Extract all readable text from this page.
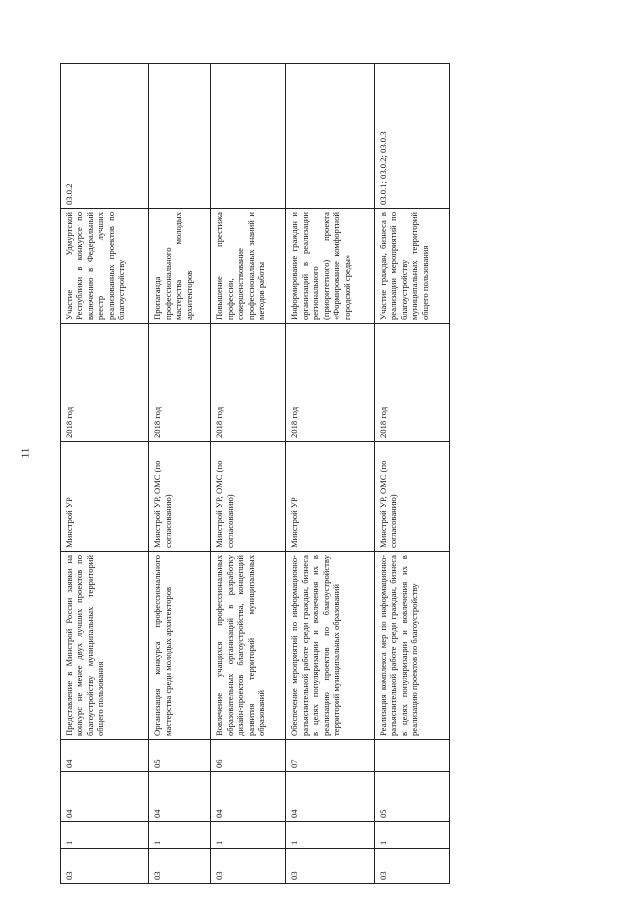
11
03	1	04	04	Представление в Минстрой России заявки на конкурс не менее двух лучших проектов по благоустройству муниципальных территорий общего пользования	Минстрой УР	2018 год	Участие Удмуртской Республики в конкурсе по включению в Федеральный реестр лучших реализованных проектов по благоустройству	03.0.2
03	1	04	05	Организация конкурса профессионального мастерства среди молодых архитекторов	Минстрой УР, ОМС (по согласованию)	2018 год	Пропаганда профессионального мастерства молодых архитекторов	
03	1	04	06	Вовлечение учащихся профессиональных образовательных организаций в разработку дизайн-проектов благоустройства, концепций развития территорий муниципальных образований	Минстрой УР, ОМС (по согласованию)	2018 год	Повышение престижа профессии, совершенствование профессиональных знаний и методов работы	
03	1	04	07	Обеспечение мероприятий по информационно-разъяснительной работе среди граждан, бизнеса в целях популяризации и вовлечения их в реализацию проектов по благоустройству территорий муниципальных образований	Минстрой УР	2018 год	Информирование граждан и организаций в реализации регионального (приоритетного) проекта «Формирование комфортной городской среды»	
03	1	05		Реализация комплекса мер по информационно-разъяснительной работе среди граждан, бизнеса в целях популяризации и вовлечения их в реализацию проектов по благоустройству	Минстрой УР, ОМС (по согласованию)	2018 год	Участие граждан, бизнеса в реализации мероприятий по благоустройству муниципальных территорий общего пользования	03.0.1; 03.0.2; 03.0.3
